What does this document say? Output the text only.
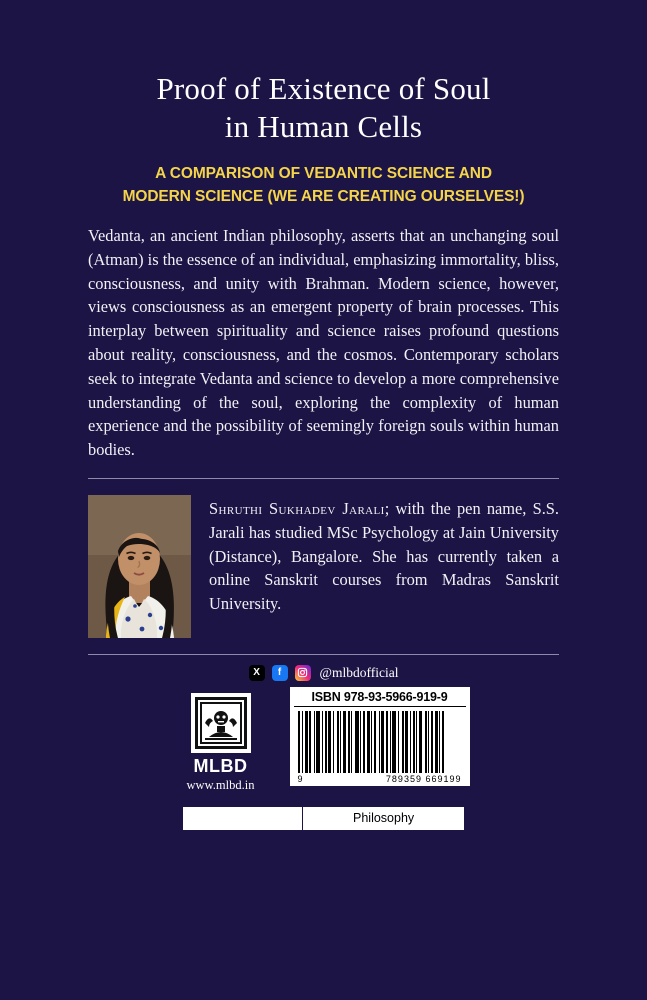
Proof of Existence of Soul
in Human Cells
A COMPARISON OF VEDANTIC SCIENCE AND
MODERN SCIENCE (WE ARE CREATING OURSELVES!)
Vedanta, an ancient Indian philosophy, asserts that an unchanging soul (Atman) is the essence of an individual, emphasizing immortality, bliss, consciousness, and unity with Brahman. Modern science, however, views consciousness as an emergent property of brain processes. This interplay between spirituality and science raises profound questions about reality, consciousness, and the cosmos. Contemporary scholars seek to integrate Vedanta and science to develop a more comprehensive understanding of the soul, exploring the complexity of human experience and the possibility of seemingly foreign souls within human bodies.
Shruthi Sukhadev Jarali; with the pen name, S.S. Jarali has studied MSc Psychology at Jain University (Distance), Bangalore. She has currently taken a online Sanskrit courses from Madras Sanskrit University.
X	f	@mlbdofficial
MLBD
www.mlbd.in
ISBN 978-93-5966-919-9
9	789359 669199
Philosophy
